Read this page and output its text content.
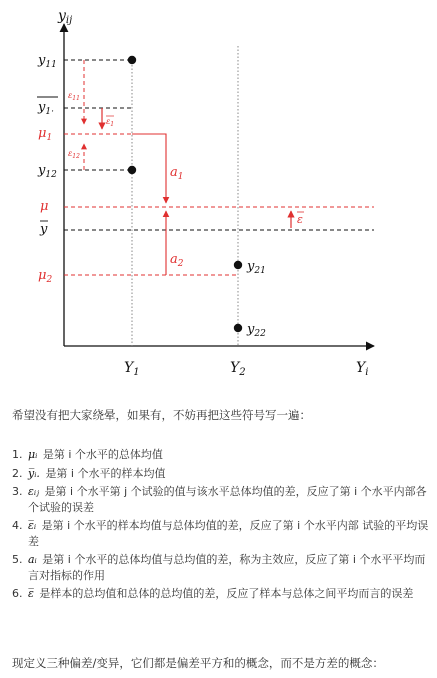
$y_{ij}$
$Y_i$
$y_{11}$
$y_{1\cdot}$
$\mu_1$
$y_{12}$
μ
y
$\mu_2$
$Y_1$	$Y_2$
$y_{21}$
$y_{22}$
$\varepsilon_{11}$
$\varepsilon_{12}$
$\varepsilon_1$
$a_1$
$a_2$
ε
希望没有把大家绕晕，如果有，不妨再把这些符号写一遍：
1. μᵢ 是第 i 个水平的总体均值
2. y̅ᵢ. 是第 i 个水平的样本均值
3. εᵢⱼ 是第 i 个水平第 j 个试验的值与该水平总体均值的差，反应了第 i 个水平内部各个试验的误差
4. ε̅ᵢ 是第 i 个水平的样本均值与总体均值的差，反应了第 i 个水平内部 试验的平均误差
5. aᵢ 是第 i 个水平的总体均值与总均值的差，称为主效应，反应了第 i 个水平平均而言对指标的作用
6. ε̅ 是样本的总均值和总体的总均值的差，反应了样本与总体之间平均而言的误差
现定义三种偏差/变异，它们都是偏差平方和的概念，而不是方差的概念：
